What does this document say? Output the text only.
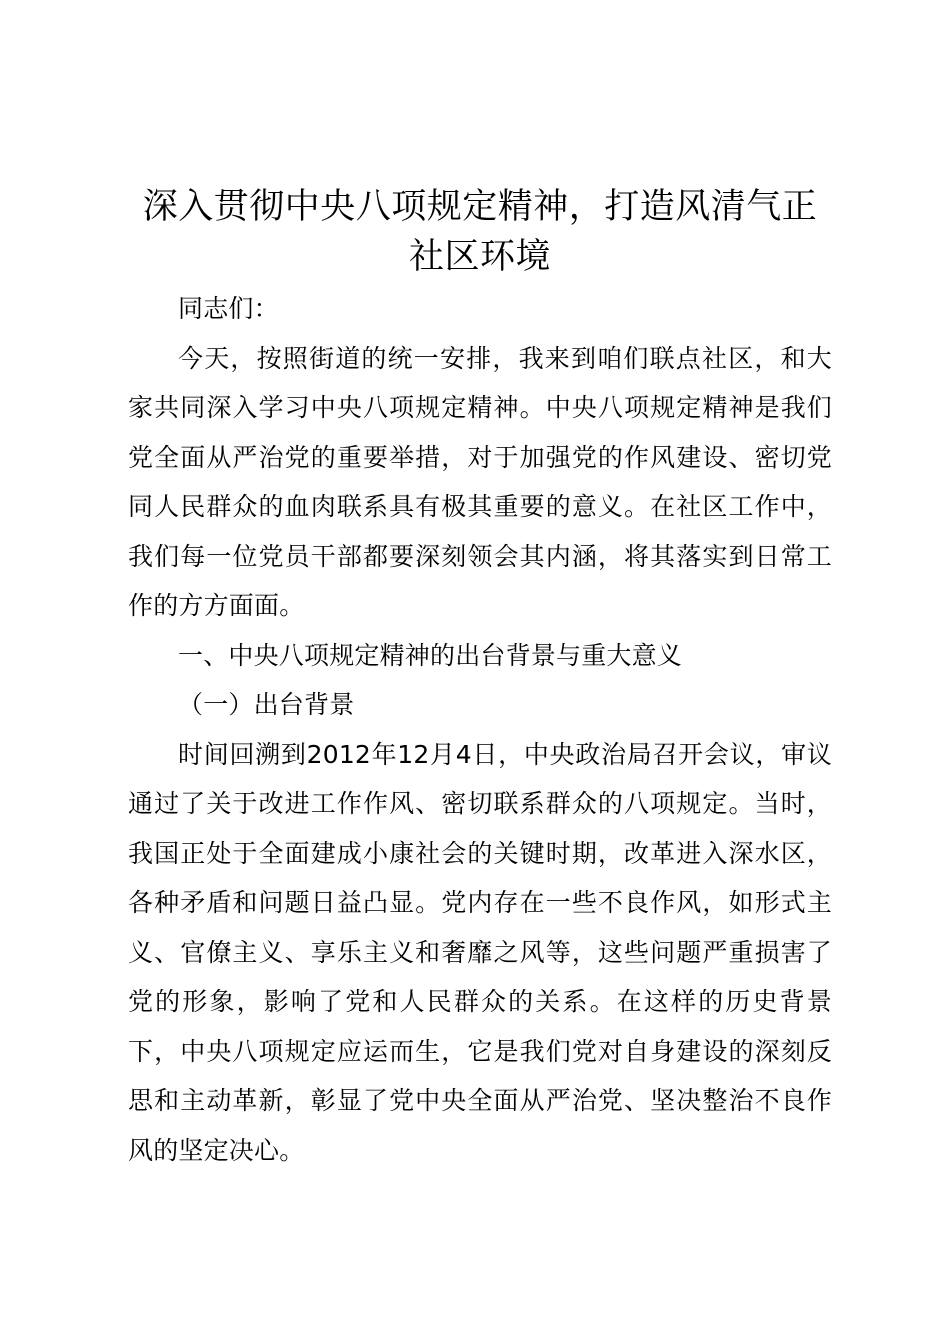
深入贯彻中央八项规定精神，打造风清气正社区环境

同志们：

今天，按照街道的统一安排，我来到咱们联点社区，和大家共同深入学习中央八项规定精神。中央八项规定精神是我们党全面从严治党的重要举措，对于加强党的作风建设、密切党同人民群众的血肉联系具有极其重要的意义。在社区工作中，我们每一位党员干部都要深刻领会其内涵，将其落实到日常工作的方方面面。

一、中央八项规定精神的出台背景与重大意义

（一）出台背景

时间回溯到2012年12月4日，中央政治局召开会议，审议通过了关于改进工作作风、密切联系群众的八项规定。当时，我国正处于全面建成小康社会的关键时期，改革进入深水区，各种矛盾和问题日益凸显。党内存在一些不良作风，如形式主义、官僚主义、享乐主义和奢靡之风等，这些问题严重损害了党的形象，影响了党和人民群众的关系。在这样的历史背景下，中央八项规定应运而生，它是我们党对自身建设的深刻反思和主动革新，彰显了党中央全面从严治党、坚决整治不良作风的坚定决心。
